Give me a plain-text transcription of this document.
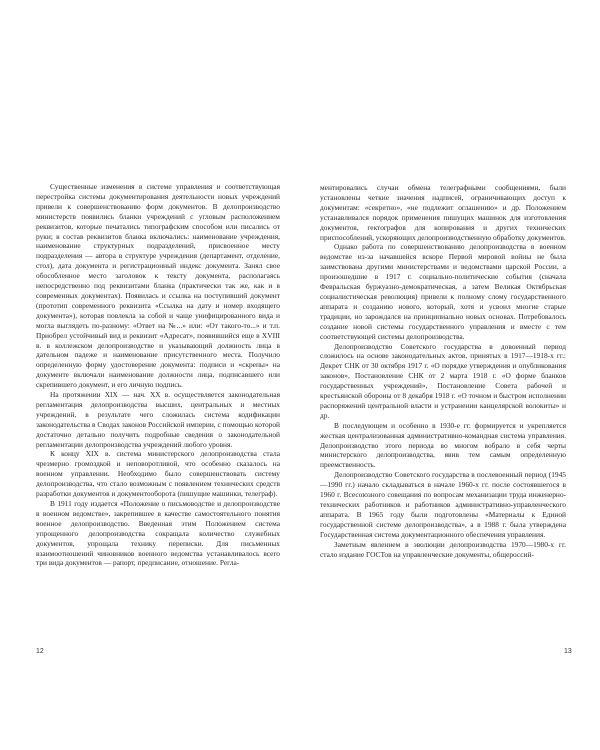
Существенные изменения в системе управления и соответствующая перестройка системы документирования деятельности новых учреждений привели к совершенствованию форм документов. В делопроизводство министерств появились бланки учреждений с угловым расположением реквизитов, которые печатались типографским способом или писались от руки; в состав реквизитов бланка включались: наименование учреждения, наименование структурных подразделений, присвоенное месту подразделения — автора в структуре учреждения (департамент, отделение, стол), дата документа и регистрационный индекс документа. Занял свое обособленное место заголовок к тексту документа, располагаясь непосредственно под реквизитами бланка (практически так же, как и в современных документах). Появилась и ссылка на поступивший документ (прототип современного реквизита «Ссылка на дату и номер входящего документа»), которая повлекла за собой и чаще унифицированного вида и могла выглядеть по-разному: «Ответ на №...» или: «От такого-то...» и т.п. Приобрел устойчивый вид и реквизит «Адресат», появившийся еще в XVIII в. в коллежском делопроизводстве и указывающий должность лица в дательном падеже и наименование присутственного места. Получило определенную форму удостоверение документа: подписи и «скрепы» на документе включали наименование должности лица, подписавшего или скрепившего документ, и его личную подпись.

На протяжении XIX — нач. XX в. осуществляется законодательная регламентация делопроизводства высших, центральных и местных учреждений, в результате чего сложилась система кодификации законодательства в Сводах законов Российской империи, с помощью которой достаточно детально получить подробные сведения о законодательной регламентации делопроизводства учреждений любого уровня.

К концу XIX в. система министерского делопроизводства стала чрезмерно громоздкой и неповоротливой, что особенно сказалось на военном управлении. Необходимо было совершенствовать систему делопроизводства, что стало возможным с появлением технических средств разработки документов и документооборота (пишущие машинки, телеграф).

В 1911 году издается «Положение о письмоводстве и делопроизводстве в военном ведомстве», закрепившее в качестве самостоятельного понятия военное делопроизводство. Введенная этим Положением система упрощенного делопроизводства сокращала количество служебных документов, упрощала технику переписки. Для письменных взаимоотношений чиновников военного ведомства устанавливалось всего три вида документов — рапорт, предписание, отношение. Регла-

12

ментировались случаи обмена телеграфными сообщениями, были установлены четкие значения надписей, ограничивающих доступ к документам: «секретно», «не подлежит оглашению» и др. Положением устанавливался порядок применения пишущих машинок для изготовления документов, гектографов для копирования и других технических приспособлений, ускоряющих делопроизводственную обработку документов.

Однако работа по совершенствованию делопроизводства в военном ведомстве из-за начавшейся вскоре Первой мировой войны не была заимствована другими министерствами и ведомствами царской России, а произошедшие в 1917 г. социально-политические события (сначала Февральская буржуазно-демократическая, а затем Великая Октябрьская социалистическая революция) привели к полному слому государственного аппарата и созданию нового, который, хотя и усвоил многие старые традиции, но зарождался на принципиально новых основах. Потребовалось создание новой системы государственного управления и вместе с тем соответствующей системы делопроизводства.

Делопроизводство Советского государства в довоенный период сложилось на основе законодательных актов, принятых в 1917—1918-х гг.: Декрет СНК от 30 октября 1917 г. «О порядке утверждения и опубликования законов», Постановление СНК от 2 марта 1918 г. «О форме бланков государственных учреждений», Постановление Совета рабочей и крестьянской обороны от 8 декабря 1918 г. «О точном и быстром исполнении распоряжений центральной власти и устранении канцелярской волокиты» и др.

В последующем и особенно в 1930-е гг. формируется и укрепляется жесткая централизованная административно-командная система управления. Делопроизводство этого периода во многом вобрало в себя черты министерского делопроизводства, явив тем самым определенную преемственность.

Делопроизводство Советского государства в послевоенный период (1945—1990 гг.) начало складываться в начале 1960-х гг. после состоявшегося в 1960 г. Всесоюзного совещания по вопросам механизации труда инженерно-технических работников и работников административно-управленческого аппарата. В 1965 году были подготовлены «Материалы к Единой государственной системе делопроизводства», а в 1988 г. была утверждена Государственная система документационного обеспечения управления.

Заметным явлением в эволюции делопроизводства 1970—1980-х гг. стало издание ГОСТов на управленческие документы, общероссий-

13
